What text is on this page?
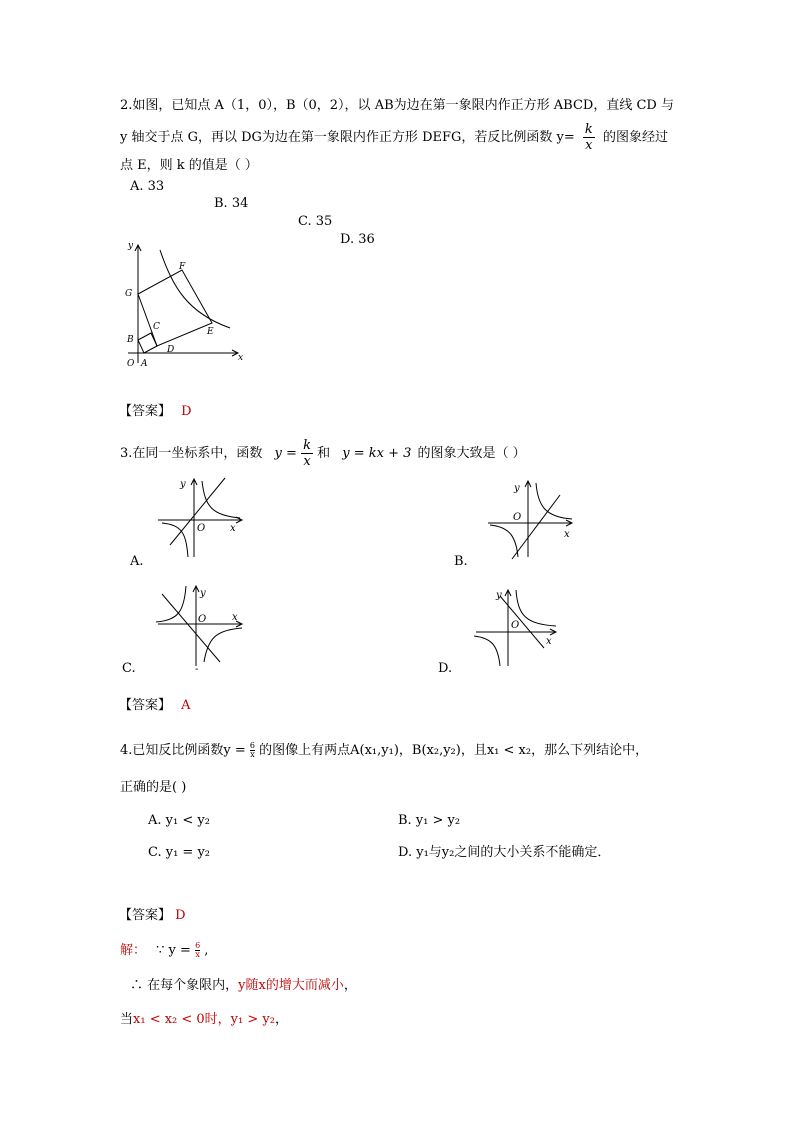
2.如图，已知点 A（1，0），B（0，2），以 AB为边在第一象限内作正方形 ABCD，直线 CD 与
y 轴交于点 G，再以 DG为边在第一象限内作正方形 DEFG，若反比例函数 $y= \frac{k}{x}$ 的图象经过
点 E，则 k 的值是（ ）
A. 33
B. 34
C. 35
D. 36
y
x
O A
B
C
D
E
F
G
【答案】 D
3.在同一坐标系中，函数 $y = \frac{k}{x}$ 和 y = kx + 3 的图象大致是（ ）
y
x
O
A.
y
x
O
B.
y
x
O
C.	-
y
x
O
D.
【答案】 A
4.已知反比例函数$y = \frac{6}{x}$ 的图像上有两点A(x₁,y₁)，B(x₂,y₂)，且x₁ < x₂，那么下列结论中，
正确的是( )
A. y₁ < y₂	B. y₁ > y₂
C. y₁ = y₂	D. y₁与y₂之间的大小关系不能确定．
【答案】 D
解： ∵ $y = \frac{6}{x}$ ,
∴ 在每个象限内，y随x的增大而减小，
当x₁ < x₂ < 0时，y₁ > y₂，
